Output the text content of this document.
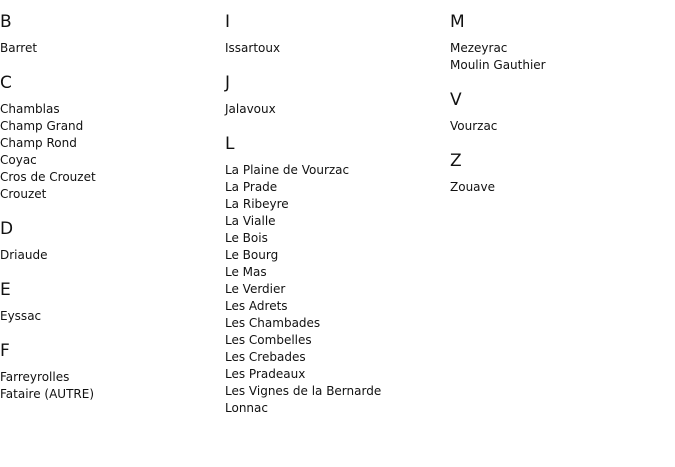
B
Barret
C
Chamblas
Champ Grand
Champ Rond
Coyac
Cros de Crouzet
Crouzet
D
Driaude
E
Eyssac
F
Farreyrolles
Fataire (AUTRE)
I
Issartoux
J
Jalavoux
L
La Plaine de Vourzac
La Prade
La Ribeyre
La Vialle
Le Bois
Le Bourg
Le Mas
Le Verdier
Les Adrets
Les Chambades
Les Combelles
Les Crebades
Les Pradeaux
Les Vignes de la Bernarde
Lonnac
M
Mezeyrac
Moulin Gauthier
V
Vourzac
Z
Zouave
